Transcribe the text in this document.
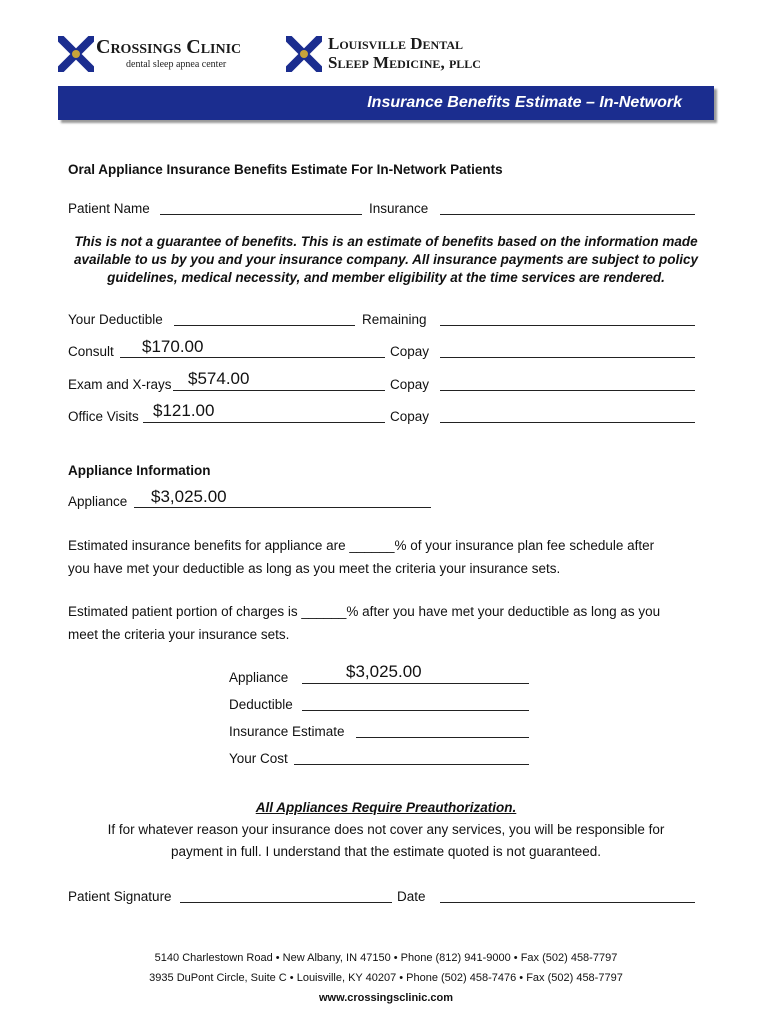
Crossings Clinic
dental sleep apnea center
Louisville Dental
Sleep Medicine, pllc
Insurance Benefits Estimate – In-Network
Oral Appliance Insurance Benefits Estimate For In-Network Patients
Patient Name	Insurance
This is not a guarantee of benefits. This is an estimate of benefits based on the information made available to us by you and your insurance company. All insurance payments are subject to policy guidelines, medical necessity, and member eligibility at the time services are rendered.
Your Deductible	Remaining
Consult $170.00	Copay
Exam and X-rays $574.00	Copay
Office Visits $121.00	Copay
Appliance Information
Appliance $3,025.00
Estimated insurance benefits for appliance are ______% of your insurance plan fee schedule after
you have met your deductible as long as you meet the criteria your insurance sets.
Estimated patient portion of charges is ______% after you have met your deductible as long as you
meet the criteria your insurance sets.
Appliance	$3,025.00
Deductible
Insurance Estimate
Your Cost
All Appliances Require Preauthorization.
If for whatever reason your insurance does not cover any services, you will be responsible for
payment in full. I understand that the estimate quoted is not guaranteed.
Patient Signature	Date
5140 Charlestown Road • New Albany, IN 47150 • Phone (812) 941-9000 • Fax (502) 458-7797
3935 DuPont Circle, Suite C • Louisville, KY 40207 • Phone (502) 458-7476 • Fax (502) 458-7797
www.crossingsclinic.com
